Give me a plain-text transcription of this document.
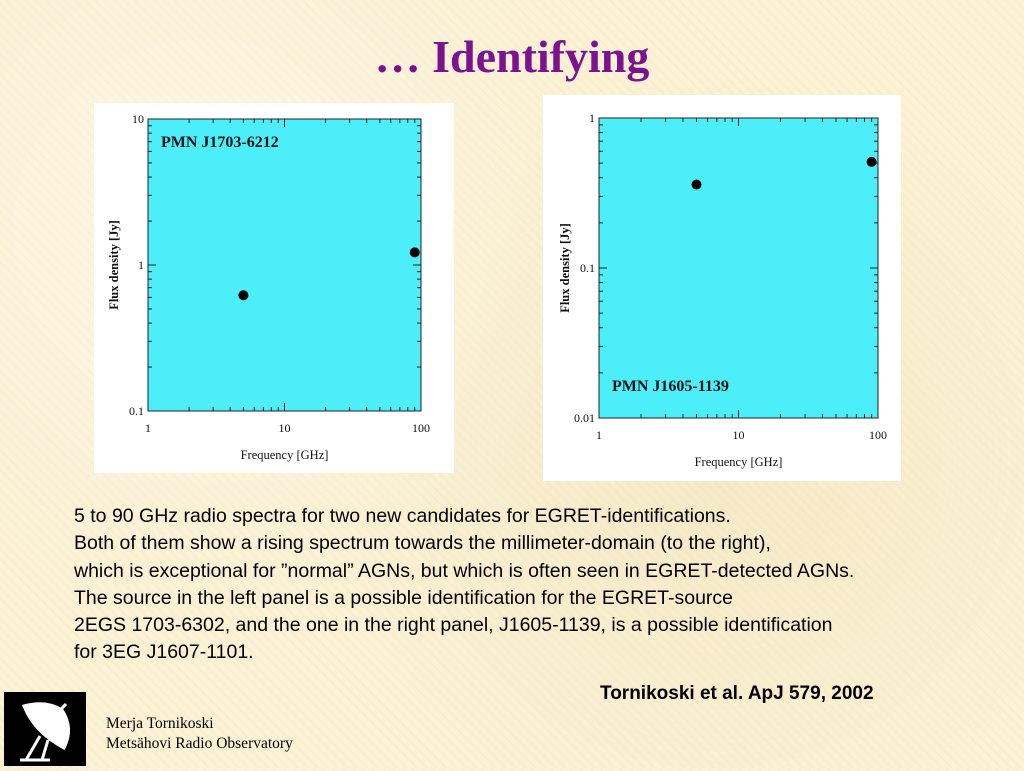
… Identifying
1	10	100
0.1
1
10
Frequency [GHz]
Flux density [Jy]
PMN J1703-6212
1	10	100
0.01
0.1
1
Frequency [GHz]
Flux density [Jy]
PMN J1605-1139
5 to 90 GHz radio spectra for two new candidates for EGRET-identifications.
Both of them show a rising spectrum towards the millimeter-domain (to the right),
which is exceptional for ”normal” AGNs, but which is often seen in EGRET-detected AGNs.
The source in the left panel is a possible identification for the EGRET-source
2EGS 1703-6302, and the one in the right panel, J1605-1139, is a possible identification
for 3EG J1607-1101.
Tornikoski et al. ApJ 579, 2002
Merja Tornikoski
Metsähovi Radio Observatory
